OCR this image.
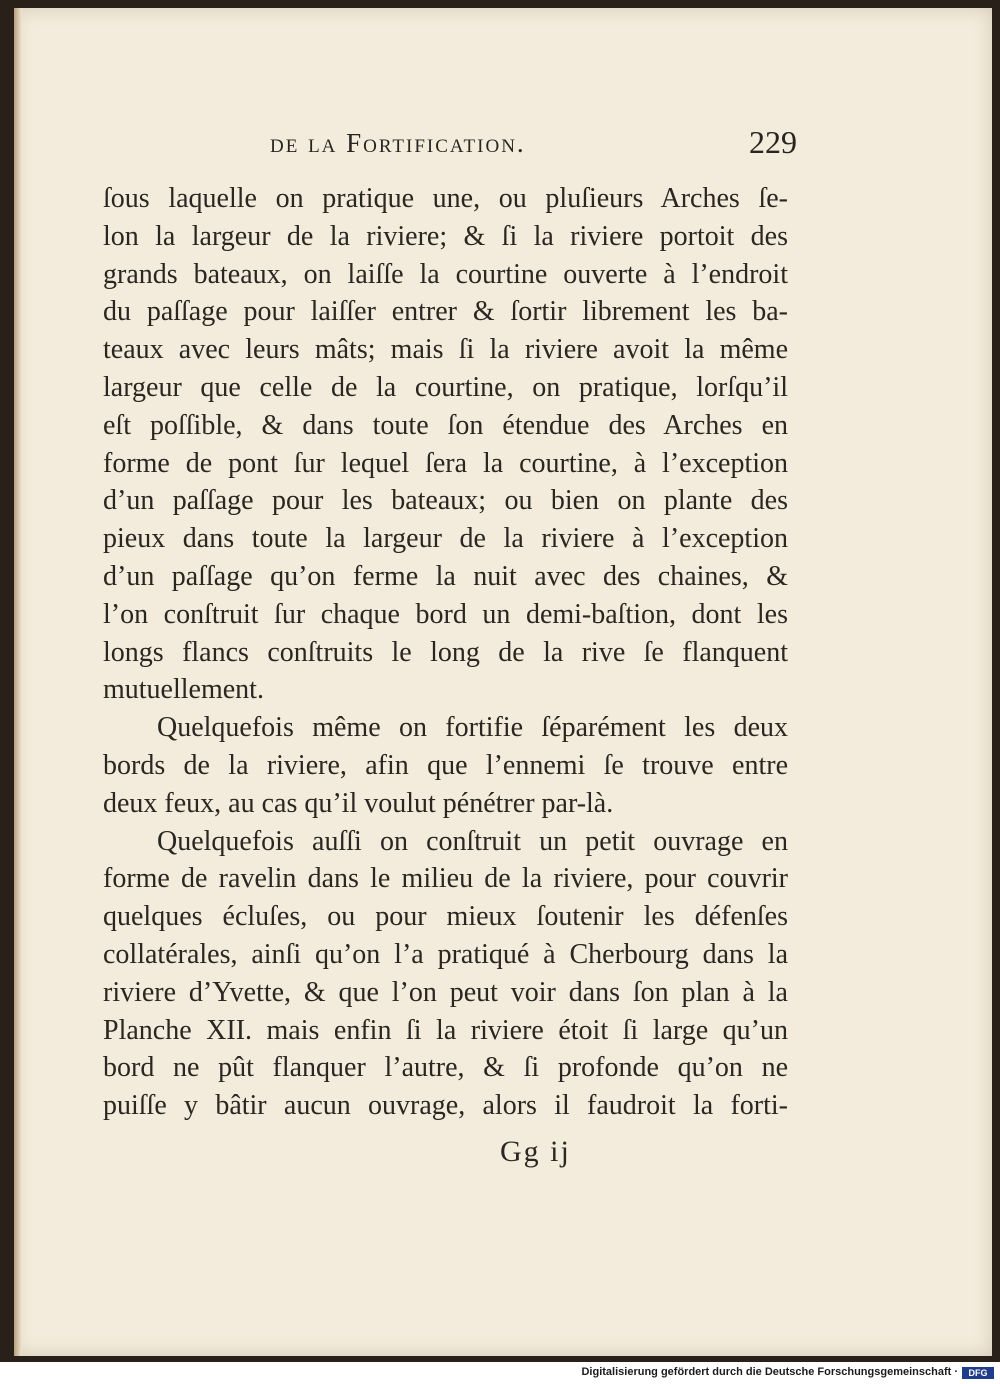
de la Fortification.	229
ſous laquelle on pratique une, ou pluſieurs Arches ſe-
lon la largeur de la riviere; & ſi la riviere portoit des
grands bateaux, on laiſſe la courtine ouverte à l’endroit
du paſſage pour laiſſer entrer & ſortir librement les ba-
teaux avec leurs mâts; mais ſi la riviere avoit la même
largeur que celle de la courtine, on pratique, lorſqu’il
eſt poſſible, & dans toute ſon étendue des Arches en
forme de pont ſur lequel ſera la courtine, à l’exception
d’un paſſage pour les bateaux; ou bien on plante des
pieux dans toute la largeur de la riviere à l’exception
d’un paſſage qu’on ferme la nuit avec des chaines, &
l’on conſtruit ſur chaque bord un demi-baſtion, dont les
longs flancs conſtruits le long de la rive ſe flanquent
mutuellement.
Quelquefois même on fortifie ſéparément les deux
bords de la riviere, afin que l’ennemi ſe trouve entre
deux feux, au cas qu’il voulut pénétrer par-là.
Quelquefois auſſi on conſtruit un petit ouvrage en
forme de ravelin dans le milieu de la riviere, pour couvrir
quelques écluſes, ou pour mieux ſoutenir les défenſes
collatérales, ainſi qu’on l’a pratiqué à Cherbourg dans la
riviere d’Yvette, & que l’on peut voir dans ſon plan à la
Planche XII. mais enfin ſi la riviere étoit ſi large qu’un
bord ne pût flanquer l’autre, & ſi profonde qu’on ne
puiſſe y bâtir aucun ouvrage, alors il faudroit la forti-
Gg ij
Digitalisierung gefördert durch die Deutsche Forschungsgemeinschaft ·	DFG
